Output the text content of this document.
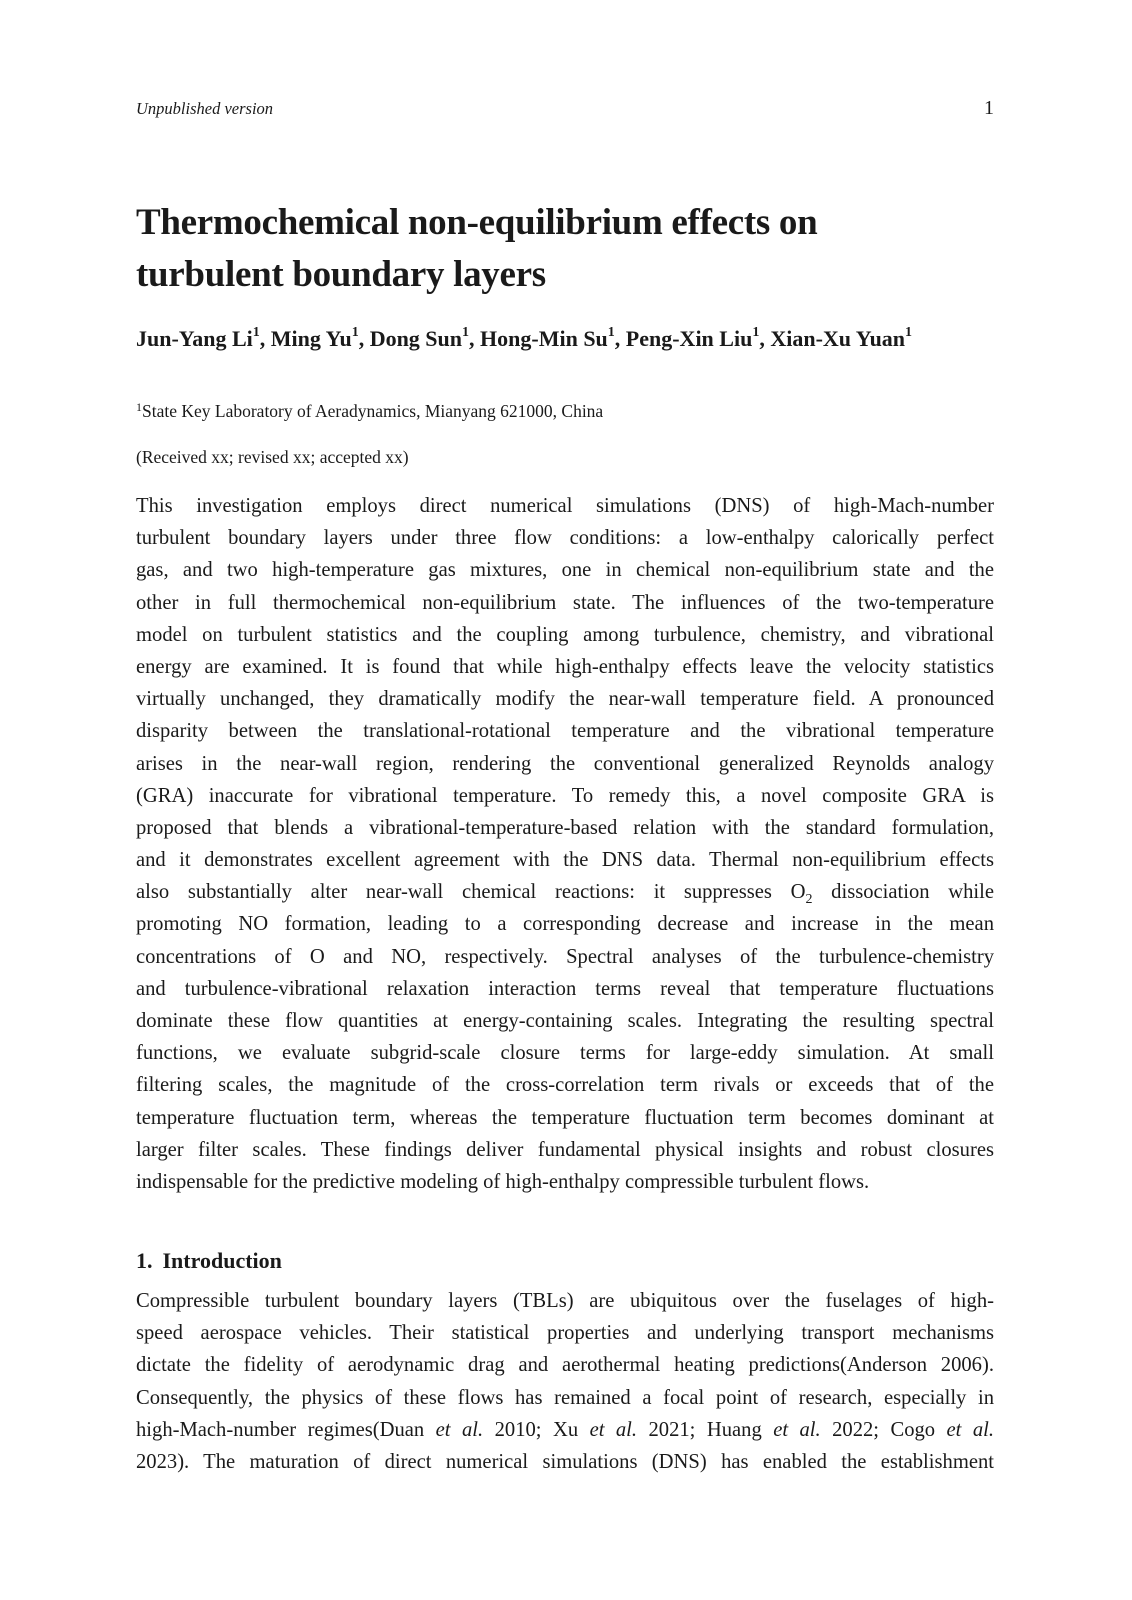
Unpublished version	1
Thermochemical non-equilibrium effects on
turbulent boundary layers
Jun-Yang Li$^1$, Ming Yu$^1$, Dong Sun$^1$, Hong-Min Su$^1$, Peng-Xin Liu$^1$, Xian-Xu Yuan$^1$
$^1$State Key Laboratory of Aeradynamics, Mianyang 621000, China
(Received xx; revised xx; accepted xx)
This investigation employs direct numerical simulations (DNS) of high-Mach-number
turbulent boundary layers under three flow conditions: a low-enthalpy calorically perfect
gas, and two high-temperature gas mixtures, one in chemical non-equilibrium state and the
other in full thermochemical non-equilibrium state. The influences of the two-temperature
model on turbulent statistics and the coupling among turbulence, chemistry, and vibrational
energy are examined. It is found that while high-enthalpy effects leave the velocity statistics
virtually unchanged, they dramatically modify the near-wall temperature field. A pronounced
disparity between the translational-rotational temperature and the vibrational temperature
arises in the near-wall region, rendering the conventional generalized Reynolds analogy
(GRA) inaccurate for vibrational temperature. To remedy this, a novel composite GRA is
proposed that blends a vibrational-temperature-based relation with the standard formulation,
and it demonstrates excellent agreement with the DNS data. Thermal non-equilibrium effects
also substantially alter near-wall chemical reactions: it suppresses $O_2$ dissociation while
promoting NO formation, leading to a corresponding decrease and increase in the mean
concentrations of O and NO, respectively. Spectral analyses of the turbulence-chemistry
and turbulence-vibrational relaxation interaction terms reveal that temperature fluctuations
dominate these flow quantities at energy-containing scales. Integrating the resulting spectral
functions, we evaluate subgrid-scale closure terms for large-eddy simulation. At small
filtering scales, the magnitude of the cross-correlation term rivals or exceeds that of the
temperature fluctuation term, whereas the temperature fluctuation term becomes dominant at
larger filter scales. These findings deliver fundamental physical insights and robust closures
indispensable for the predictive modeling of high-enthalpy compressible turbulent flows.
1. Introduction
Compressible turbulent boundary layers (TBLs) are ubiquitous over the fuselages of high-
speed aerospace vehicles. Their statistical properties and underlying transport mechanisms
dictate the fidelity of aerodynamic drag and aerothermal heating predictions(Anderson 2006).
Consequently, the physics of these flows has remained a focal point of research, especially in
high-Mach-number regimes(Duan et al. 2010; Xu et al. 2021; Huang et al. 2022; Cogo et al.
2023). The maturation of direct numerical simulations (DNS) has enabled the establishment
